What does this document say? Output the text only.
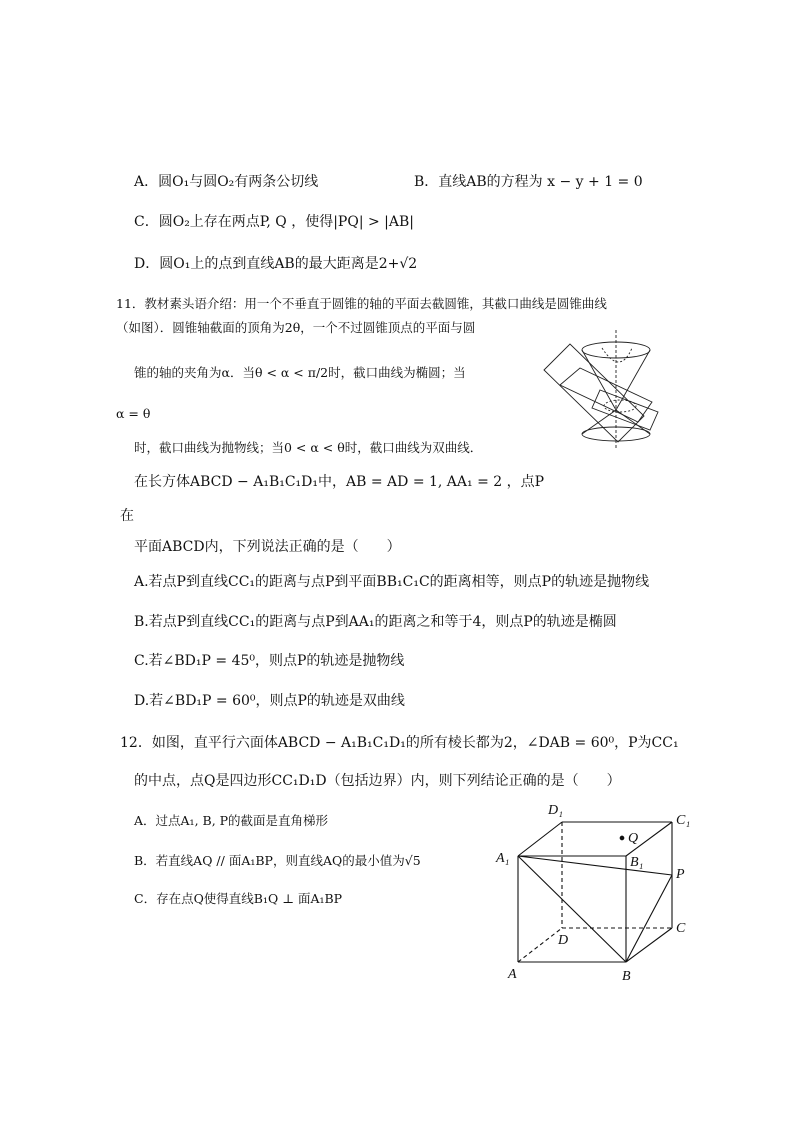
A．圆O₁与圆O₂有两条公切线	B．直线AB的方程为 x − y + 1 = 0
C．圆O₂上存在两点P, Q ，使得|PQ| > |AB|
D．圆O₁上的点到直线AB的最大距离是2+√2
11．教材素头语介绍：用一个不垂直于圆锥的轴的平面去截圆锥，其截口曲线是圆锥曲线
（如图）．圆锥轴截面的顶角为2θ，一个不过圆锥顶点的平面与圆
锥的轴的夹角为α．当θ < α < π/2时，截口曲线为椭圆；当
α = θ
时，截口曲线为抛物线；当0 < α < θ时，截口曲线为双曲线．
在长方体ABCD − A₁B₁C₁D₁中，AB = AD = 1, AA₁ = 2 ，点P
在
平面ABCD内，下列说法正确的是（　　）
A.若点P到直线CC₁的距离与点P到平面BB₁C₁C的距离相等，则点P的轨迹是抛物线
B.若点P到直线CC₁的距离与点P到AA₁的距离之和等于4，则点P的轨迹是椭圆
C.若∠BD₁P = 45⁰，则点P的轨迹是抛物线
D.若∠BD₁P = 60⁰，则点P的轨迹是双曲线
12．如图，直平行六面体ABCD − A₁B₁C₁D₁的所有棱长都为2，∠DAB = 60⁰，P为CC₁
的中点，点Q是四边形CC₁D₁D（包括边界）内，则下列结论正确的是（　　）
A．过点A₁, B, P的截面是直角梯形
B．若直线AQ // 面A₁BP，则直线AQ的最小值为√5
C．存在点Q使得直线B₁Q ⊥ 面A₁BP
D₁
C₁
A₁	B₁
Q
P
C
D
A	B
